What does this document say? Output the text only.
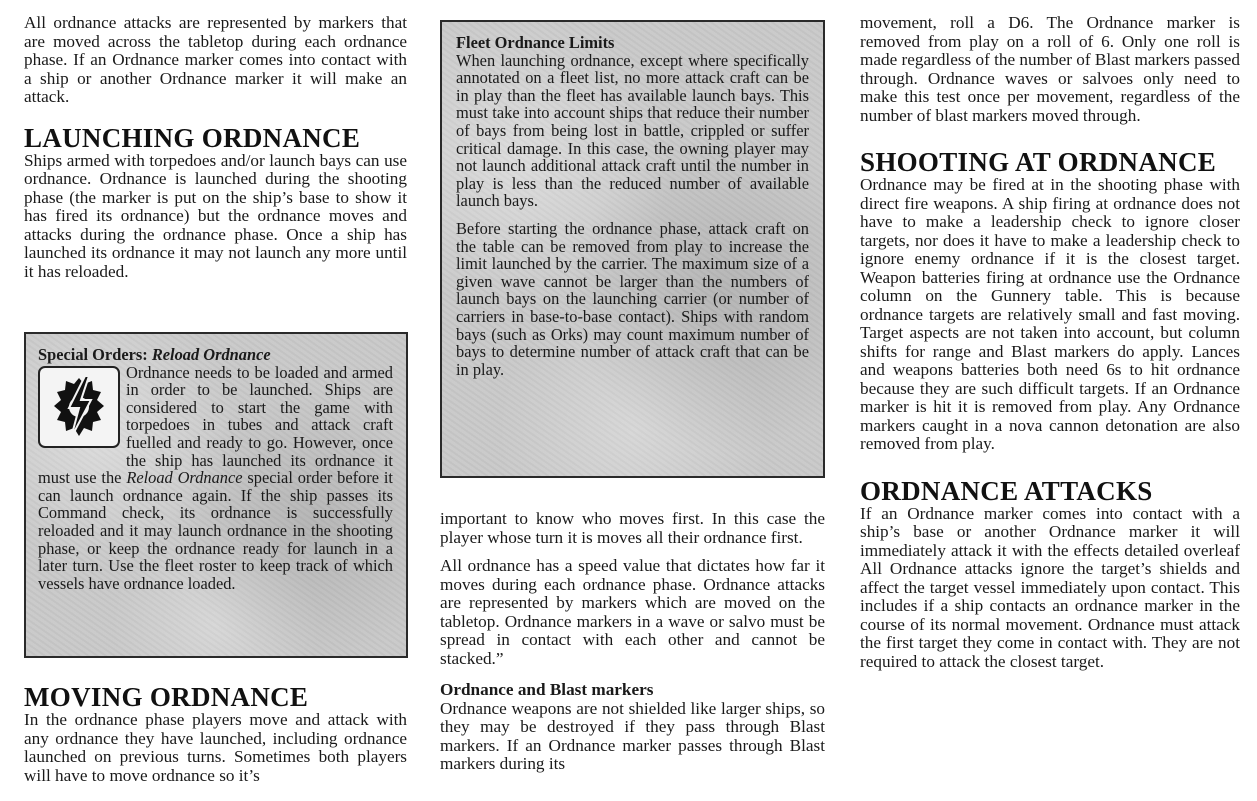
All ordnance attacks are represented by markers that are moved across the tabletop during each ordnance phase. If an Ordnance marker comes into contact with a ship or another Ordnance marker it will make an attack.

LAUNCHING ORDNANCE

Ships armed with torpedoes and/or launch bays can use ordnance. Ordnance is launched during the shooting phase (the marker is put on the ship’s base to show it has fired its ordnance) but the ordnance moves and attacks during the ordnance phase. Once a ship has launched its ordnance it may not launch any more until it has reloaded.

Special Orders: Reload Ordnance

Ordnance needs to be loaded and armed in order to be launched. Ships are considered to start the game with torpedoes in tubes and attack craft fuelled and ready to go. However, once the ship has launched its ordnance it must use the Reload Ordnance special order before it can launch ordnance again. If the ship passes its Command check, its ordnance is successfully reloaded and it may launch ordnance in the shooting phase, or keep the ordnance ready for launch in a later turn. Use the fleet roster to keep track of which vessels have ordnance loaded.

MOVING ORDNANCE

In the ordnance phase players move and attack with any ordnance they have launched, including ordnance launched on previous turns. Sometimes both players will have to move ordnance so it’s

Fleet Ordnance Limits

When launching ordnance, except where specifically annotated on a fleet list, no more attack craft can be in play than the fleet has available launch bays. This must take into account ships that reduce their number of bays from being lost in battle, crippled or suffer critical damage. In this case, the owning player may not launch additional attack craft until the number in play is less than the reduced number of available launch bays.

Before starting the ordnance phase, attack craft on the table can be removed from play to increase the limit launched by the carrier. The maximum size of a given wave cannot be larger than the numbers of launch bays on the launching carrier (or number of carriers in base-to-base contact). Ships with random bays (such as Orks) may count maximum number of bays to determine number of attack craft that can be in play.

important to know who moves first. In this case the player whose turn it is moves all their ordnance first.

All ordnance has a speed value that dictates how far it moves during each ordnance phase. Ordnance attacks are represented by markers which are moved on the tabletop. Ordnance markers in a wave or salvo must be spread in contact with each other and cannot be stacked.”

Ordnance and Blast markers

Ordnance weapons are not shielded like larger ships, so they may be destroyed if they pass through Blast markers. If an Ordnance marker passes through Blast markers during its

movement, roll a D6. The Ordnance marker is removed from play on a roll of 6. Only one roll is made regardless of the number of Blast markers passed through. Ordnance waves or salvoes only need to make this test once per movement, regardless of the number of blast markers moved through.

SHOOTING AT ORDNANCE

Ordnance may be fired at in the shooting phase with direct fire weapons. A ship firing at ordnance does not have to make a leadership check to ignore closer targets, nor does it have to make a leadership check to ignore enemy ordnance if it is the closest target. Weapon batteries firing at ordnance use the Ordnance column on the Gunnery table. This is because ordnance targets are relatively small and fast moving. Target aspects are not taken into account, but column shifts for range and Blast markers do apply. Lances and weapons batteries both need 6s to hit ordnance because they are such difficult targets. If an Ordnance marker is hit it is removed from play. Any Ordnance markers caught in a nova cannon detonation are also removed from play.

ORDNANCE ATTACKS

If an Ordnance marker comes into contact with a ship’s base or another Ordnance marker it will immediately attack it with the effects detailed overleaf All Ordnance attacks ignore the target’s shields and affect the target vessel immediately upon contact. This includes if a ship contacts an ordnance marker in the course of its normal movement. Ordnance must attack the first target they come in contact with. They are not required to attack the closest target.
